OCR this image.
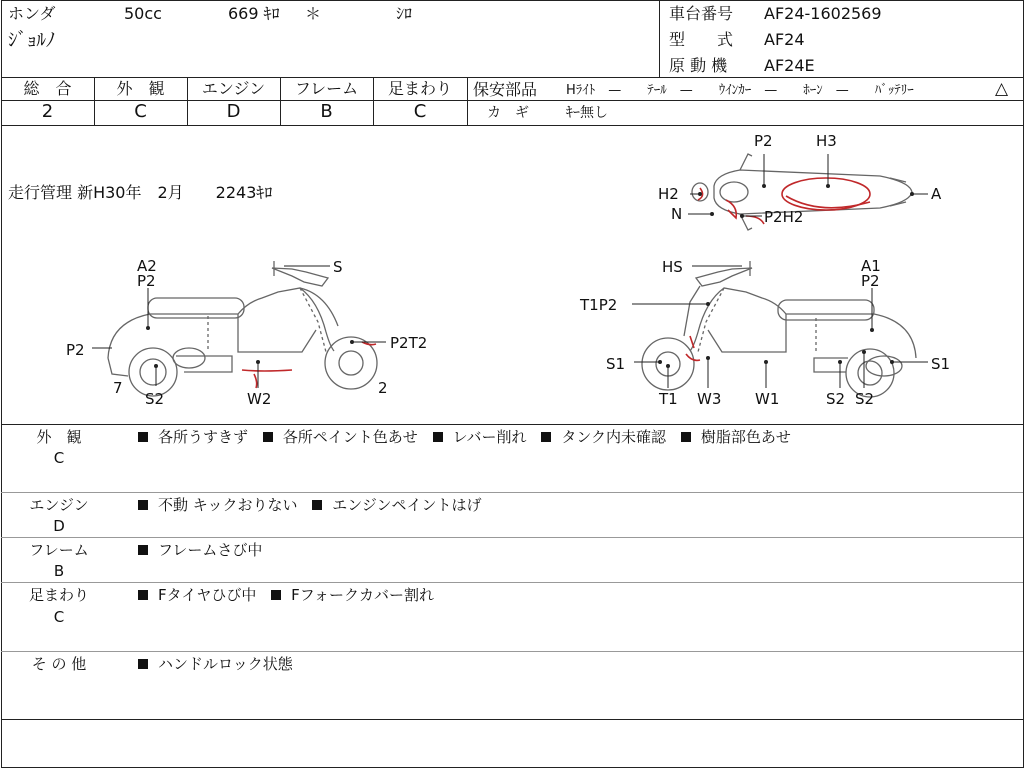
ホンダ	50cc	669 ｷﾛ ＊	ｼﾛ
ｼﾞｮﾙﾉ
車台番号 AF24-1602569
型　　式 AF24
原 動 機 AF24E
総　合	外　観	エンジン	フレーム	足まわり
2	C	D	B	C
保安部品 Hﾗｲﾄ　—　　ﾃｰﾙ　—　　ｳｲﾝｶｰ　—　　ﾎｰﾝ　—　　ﾊﾞｯﾃﾘｰ	△
カ　ギ	ｷｰ無し
走行管理 新H30年　2月　　2243ｷﾛ
P2	H3
H2	A
N	P2H2
A2
P2
S
P2	P2T2
7
S2	W2
2
HS	A1
P2
T1P2
S1	S1
T1 W3 W1	S2 S2
外　観
C
各所うすきず 各所ペイント色あせ レバー削れ タンク内未確認 樹脂部色あせ
エンジン
D
不動 キックおりない エンジンペイントはげ
フレーム
B
フレームさび中
足まわり
C
Fタイヤひび中 Fフォークカバー割れ
そ の 他	ハンドルロック状態
